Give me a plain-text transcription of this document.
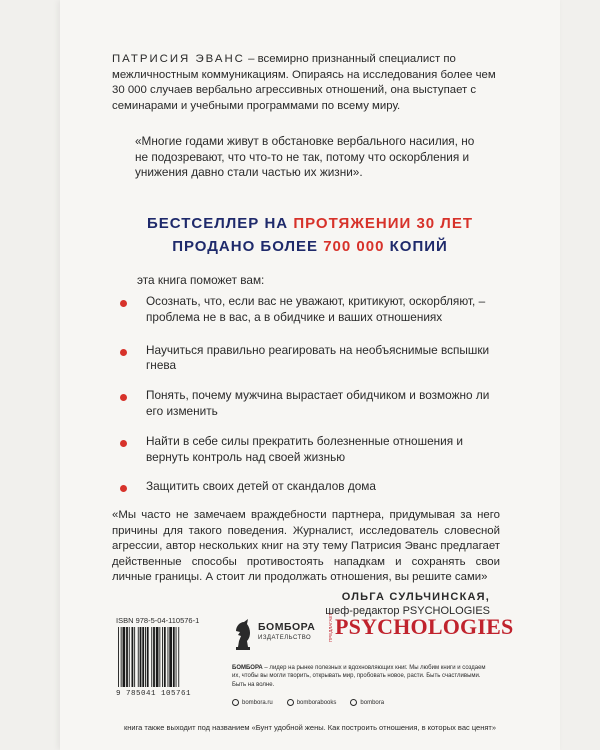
ПАТРИСИЯ ЭВАНС – всемирно признанный специалист по межличностным коммуникациям. Опираясь на исследования более чем 30 000 случаев вербально агрессивных отношений, она выступает с семинарами и учебными программами по всему миру.

«Многие годами живут в обстановке вербального насилия, но не подозревают, что что-то не так, потому что оскорбления и унижения давно стали частью их жизни».

БЕСТСЕЛЛЕР НА ПРОТЯЖЕНИИ 30 ЛЕТ
ПРОДАНО БОЛЕЕ 700 000 КОПИЙ

эта книга поможет вам:

Осознать, что, если вас не уважают, критикуют, оскорбляют, – проблема не в вас, а в обидчике и ваших отношениях
Научиться правильно реагировать на необъяснимые вспышки гнева
Понять, почему мужчина вырастает обидчиком и возможно ли его изменить
Найти в себе силы прекратить болезненные отношения и вернуть контроль над своей жизнью
Защитить своих детей от скандалов дома

«Мы часто не замечаем враждебности партнера, придумывая за него причины для такого поведения. Журналист, исследователь словесной агрессии, автор нескольких книг на эту тему Патрисия Эванс предлагает действенные способы противостоять нападкам и сохранять свои личные границы. А стоит ли продолжать отношения, вы решите сами»

ОЛЬГА СУЛЬЧИНСКАЯ,
шеф-редактор PSYCHOLOGIES

ISBN 978-5-04-110576-1

9 785041 105761
БОМБОРА
ИЗДАТЕЛЬСТВО	ПРЕДЛАГАЕТ PSYCHOLOGIES

БОМБОРА – лидер на рынке полезных и вдохновляющих книг. Мы любим книги и создаем их, чтобы вы могли творить, открывать мир, пробовать новое, расти. Быть счастливыми. Быть на волне.

bombora.ru	bomborabooks	bombora
книга также выходит под названием «Бунт удобной жены. Как построить отношения, в которых вас ценят»
